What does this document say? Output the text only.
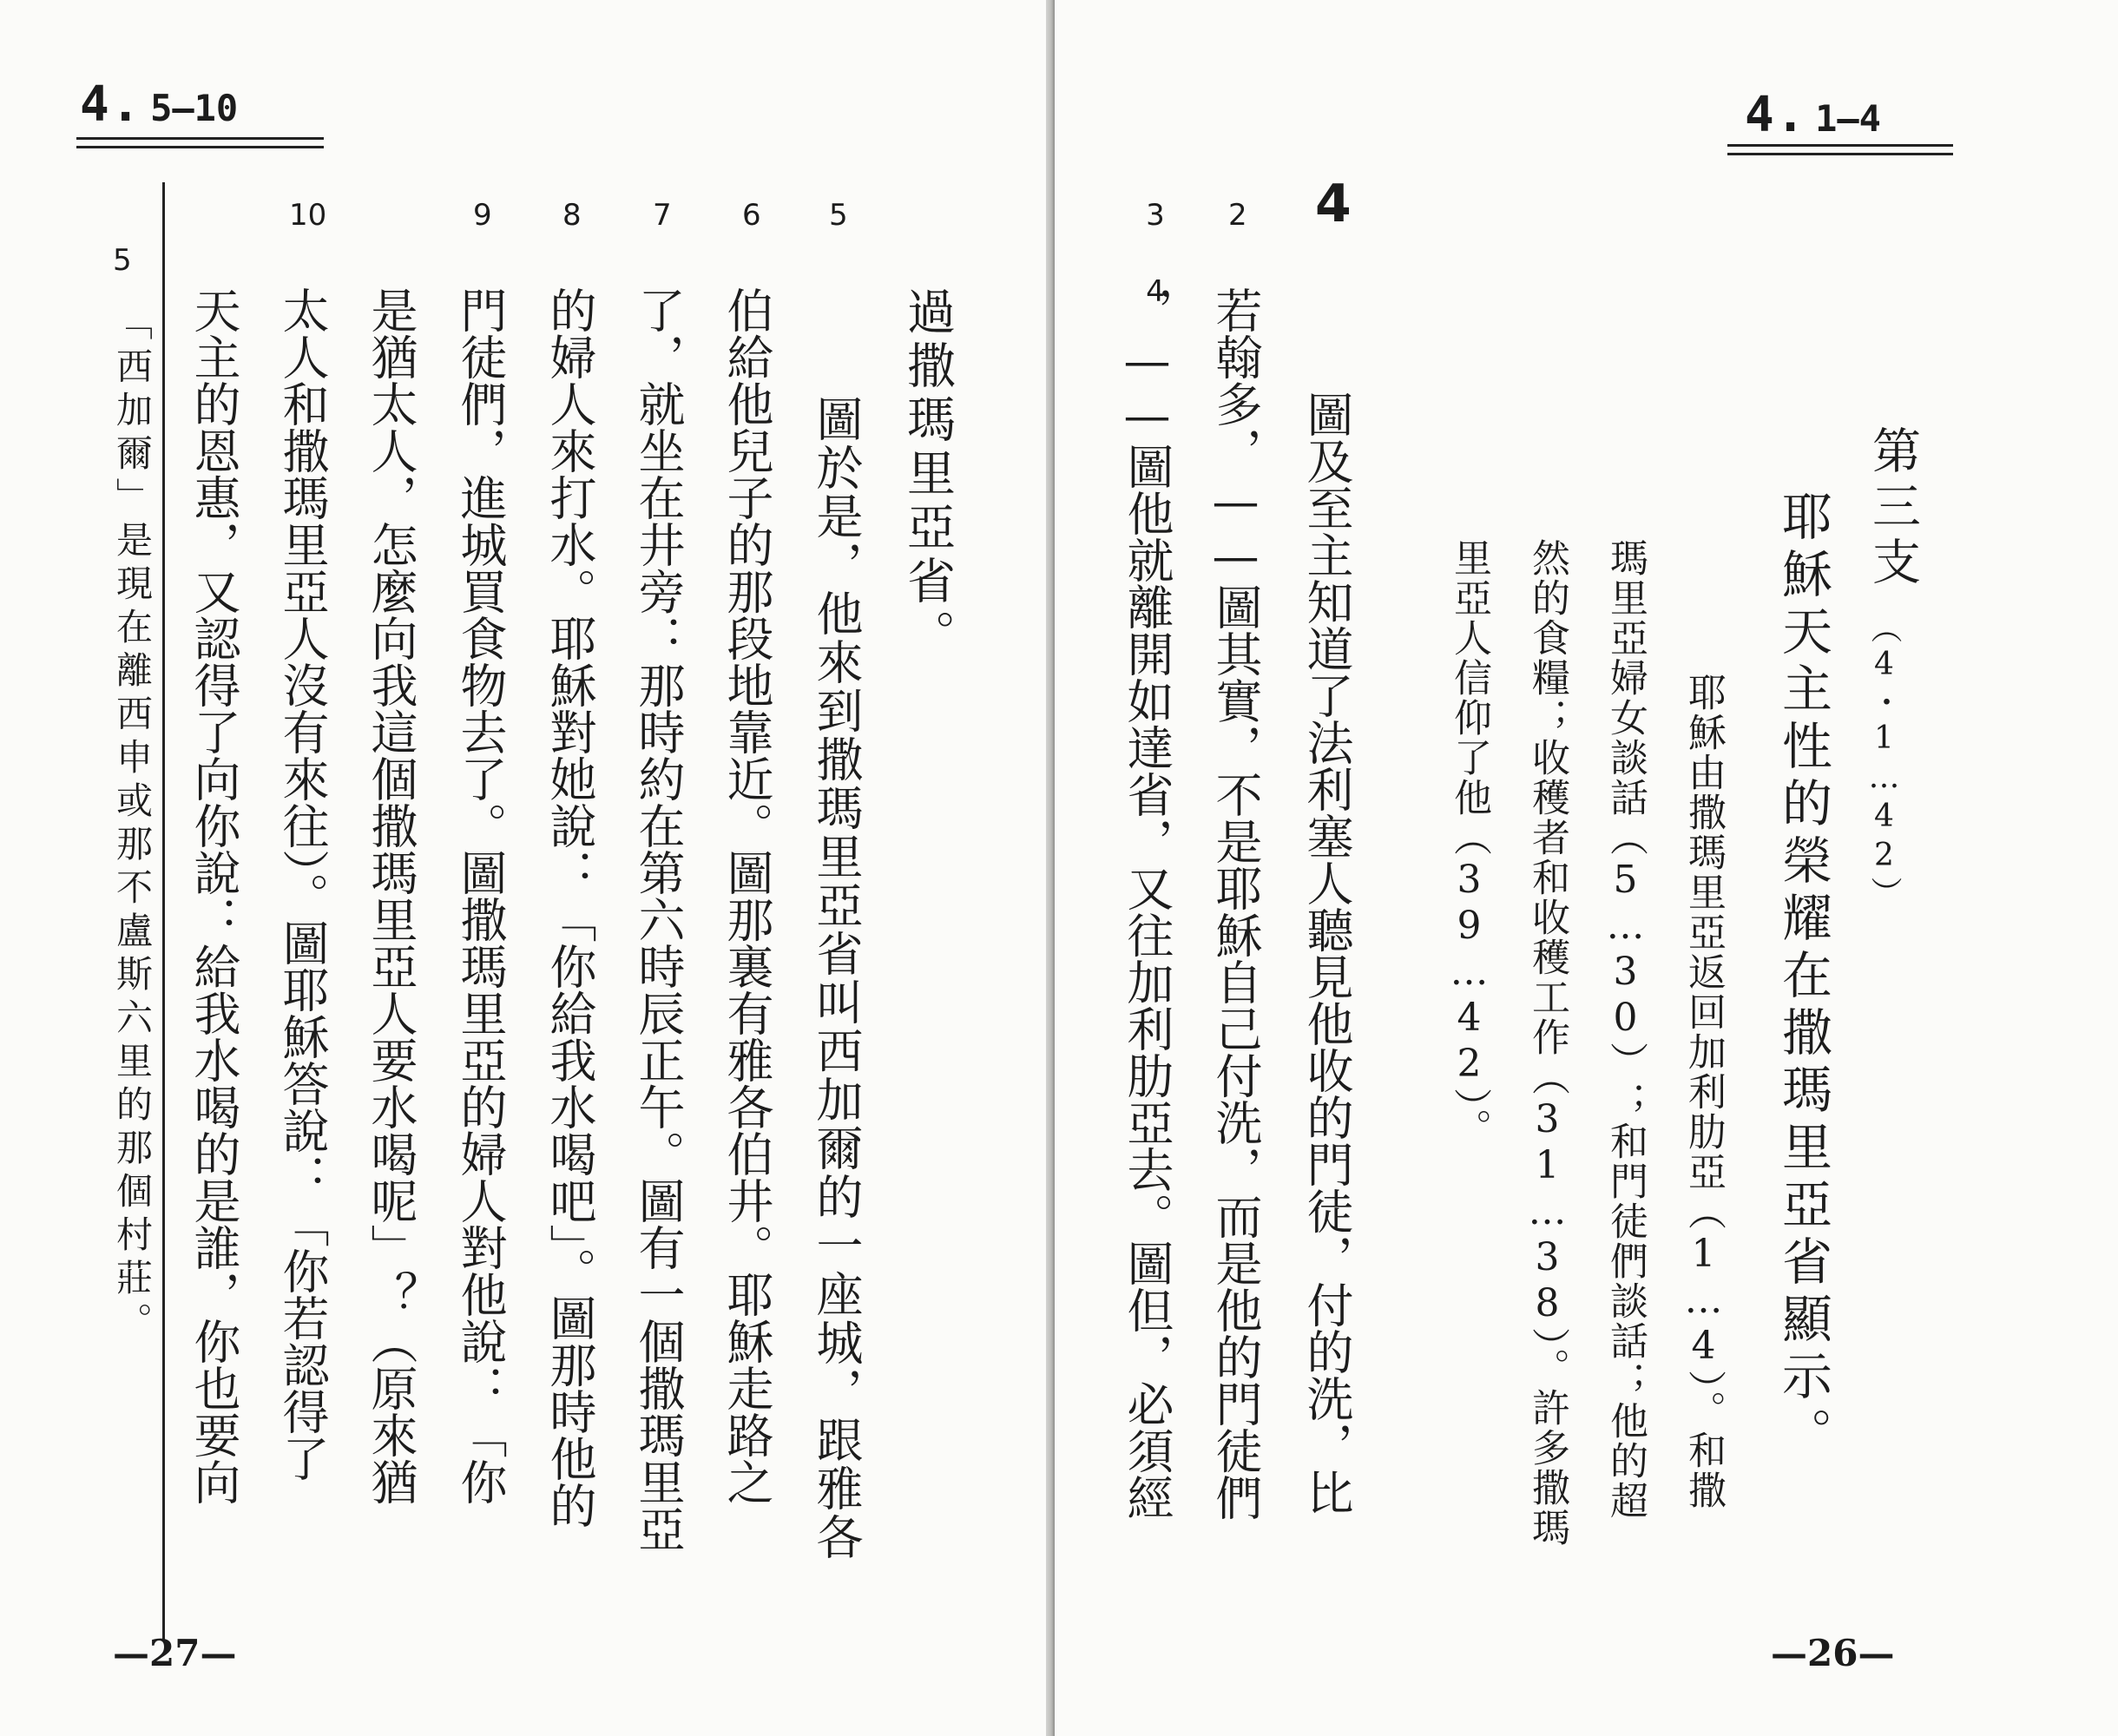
4. 5—10
5
「西加爾」是現在離西申或那不盧斯六里的那個村莊。
5
6
7
8
9
10
過撒瑪里亞省。
圖於是，他來到撒瑪里亞省叫西加爾的一座城，跟雅各
伯給他兒子的那段地靠近。圖那裏有雅各伯井。耶穌走路之
了，就坐在井旁：那時約在第六時辰正午。圖有一個撒瑪里亞
的婦人來打水。耶穌對她說：「你給我水喝吧」。圖那時他的
門徒們，進城買食物去了。圖撒瑪里亞的婦人對他說：「你
是猶太人，怎麼向我這個撒瑪里亞人要水喝呢」？（原來猶
太人和撒瑪里亞人沒有來往）。圖耶穌答說：「你若認得了
天主的恩惠，又認得了向你說：給我水喝的是誰，你也要向
—27—
4. 1—4
第三支
（4・1…42）
耶穌天主性的榮耀在撒瑪里亞省顯示。
耶穌由撒瑪里亞返回加利肋亞（1…4）。和撒
瑪里亞婦女談話（5…30）；和門徒們談話；他的超
然的食糧；收穫者和收穫工作（31…38）。許多撒瑪
里亞人信仰了他（39…42）。
4
2
3 4
圖及至主知道了法利塞人聽見他收的門徒，付的洗，比
若翰多，——圖其實，不是耶穌自己付洗，而是他的門徒們
，——圖他就離開如達省，又往加利肋亞去。圖但，必須經
—26—
